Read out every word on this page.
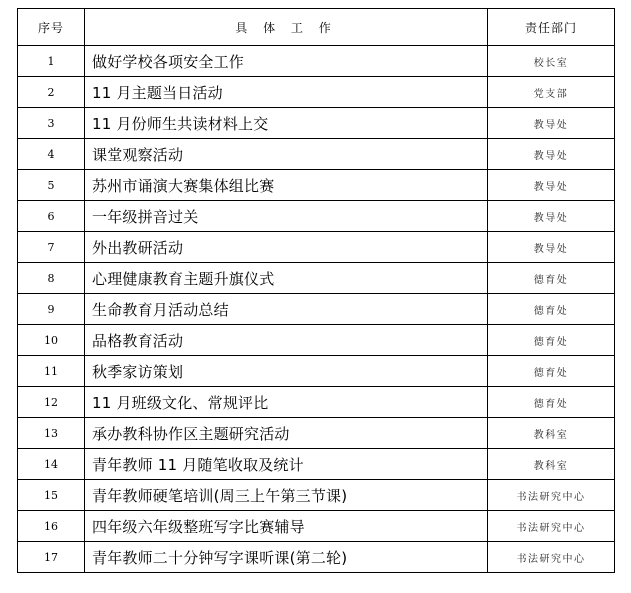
序号	具 体 工 作	责任部门
1	做好学校各项安全工作	校长室
2	11 月主题当日活动	党支部
3	11 月份师生共读材料上交	教导处
4	课堂观察活动	教导处
5	苏州市诵演大赛集体组比赛	教导处
6	一年级拼音过关	教导处
7	外出教研活动	教导处
8	心理健康教育主题升旗仪式	德育处
9	生命教育月活动总结	德育处
10	品格教育活动	德育处
11	秋季家访策划	德育处
12	11 月班级文化、常规评比	德育处
13	承办教科协作区主题研究活动	教科室
14	青年教师 11 月随笔收取及统计	教科室
15	青年教师硬笔培训(周三上午第三节课)	书法研究中心
16	四年级六年级整班写字比赛辅导	书法研究中心
17	青年教师二十分钟写字课听课(第二轮)	书法研究中心
